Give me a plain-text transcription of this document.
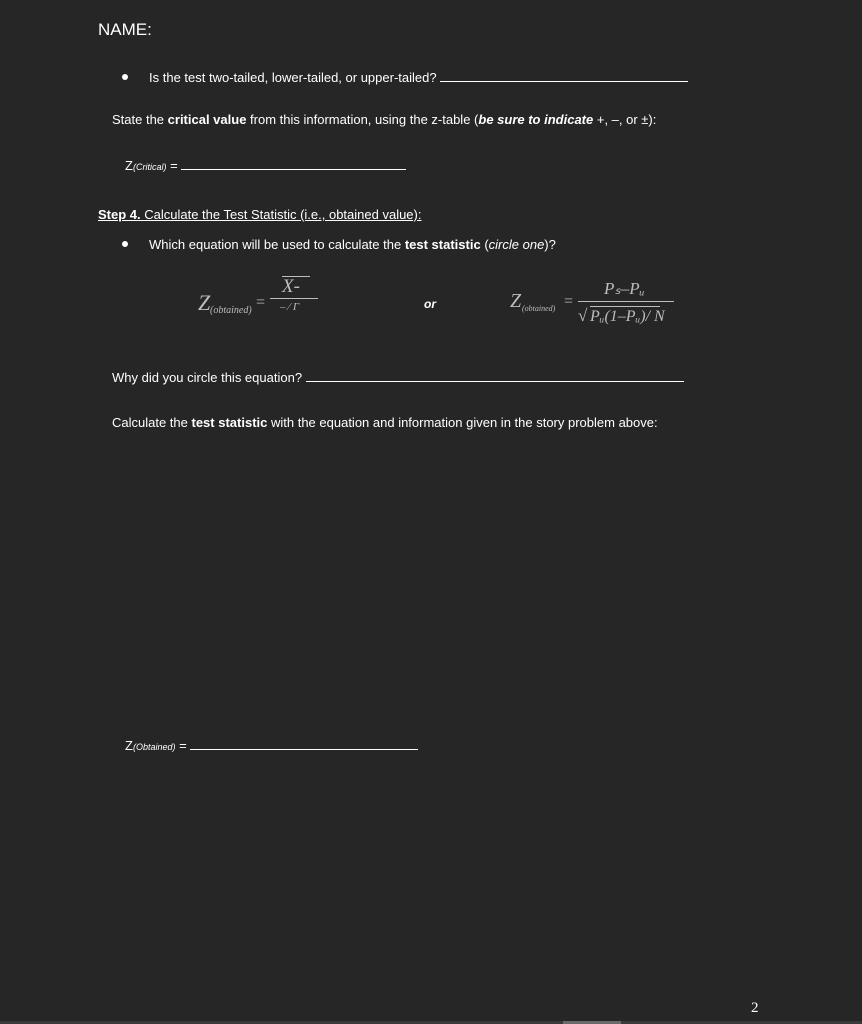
NAME:
Is the test two-tailed, lower-tailed, or upper-tailed?
State the critical value from this information, using the z-table (be sure to indicate +, –, or ±):
Z(Critical) =
Step 4. Calculate the Test Statistic (i.e., obtained value):
Which equation will be used to calculate the test statistic (circle one)?
Z (obtained) =
X-
– ⁄ Γ	or	Z (obtained) =
Pₛ–Pᵤ
√ Pᵤ(1–Pᵤ)/ N
Why did you circle this equation?
Calculate the test statistic with the equation and information given in the story problem above:
Z(Obtained) =
2
